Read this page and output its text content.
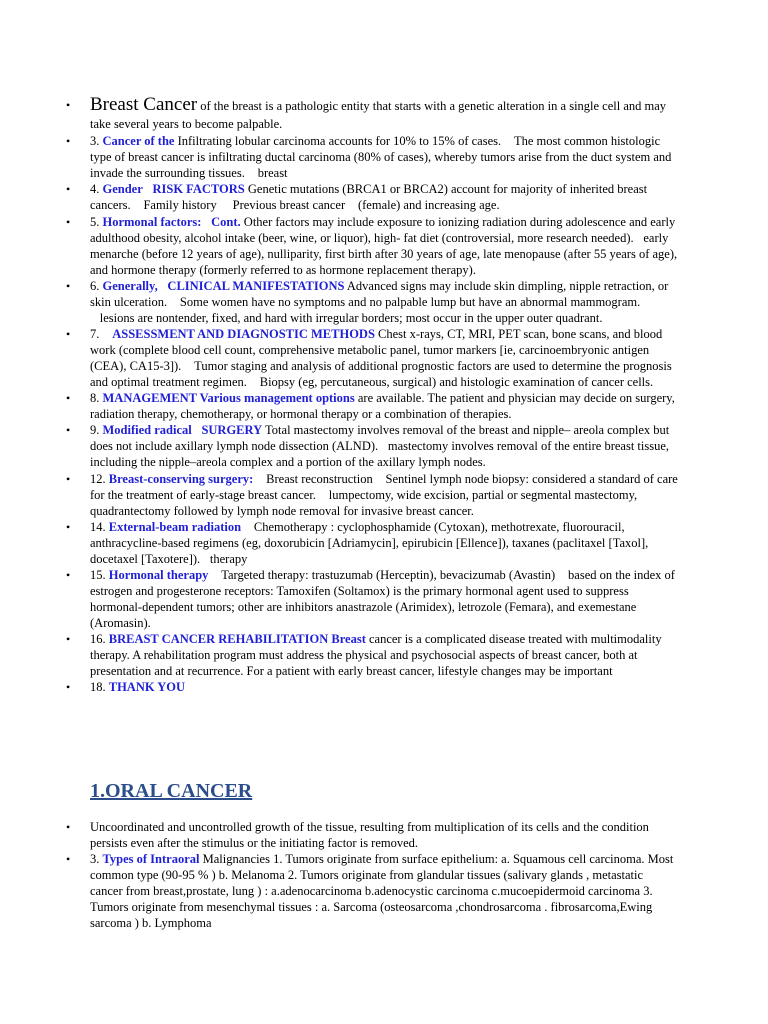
• Breast Cancer of the breast is a pathologic entity that starts with a genetic alteration in a single cell and may take several years to become palpable.
• 3. Cancer of the Infiltrating lobular carcinoma accounts for 10% to 15% of cases. The most common histologic type of breast cancer is infiltrating ductal carcinoma (80% of cases), whereby tumors arise from the duct system and invade the surrounding tissues. breast
• 4. Gender RISK FACTORS Genetic mutations (BRCA1 or BRCA2) account for majority of inherited breast cancers. Family history Previous breast cancer (female) and increasing age.
• 5. Hormonal factors: Cont. Other factors may include exposure to ionizing radiation during adolescence and early adulthood obesity, alcohol intake (beer, wine, or liquor), high- fat diet (controversial, more research needed). early menarche (before 12 years of age), nulliparity, first birth after 30 years of age, late menopause (after 55 years of age), and hormone therapy (formerly referred to as hormone replacement therapy).
• 6. Generally, CLINICAL MANIFESTATIONS Advanced signs may include skin dimpling, nipple retraction, or skin ulceration. Some women have no symptoms and no palpable lump but have an abnormal mammogram. lesions are nontender, fixed, and hard with irregular borders; most occur in the upper outer quadrant.
• 7. ASSESSMENT AND DIAGNOSTIC METHODS Chest x-rays, CT, MRI, PET scan, bone scans, and blood work (complete blood cell count, comprehensive metabolic panel, tumor markers [ie, carcinoembryonic antigen (CEA), CA15-3]). Tumor staging and analysis of additional prognostic factors are used to determine the prognosis and optimal treatment regimen. Biopsy (eg, percutaneous, surgical) and histologic examination of cancer cells.
• 8. MANAGEMENT Various management options are available. The patient and physician may decide on surgery, radiation therapy, chemotherapy, or hormonal therapy or a combination of therapies.
• 9. Modified radical SURGERY Total mastectomy involves removal of the breast and nipple– areola complex but does not include axillary lymph node dissection (ALND). mastectomy involves removal of the entire breast tissue, including the nipple–areola complex and a portion of the axillary lymph nodes.
• 12. Breast-conserving surgery: Breast reconstruction Sentinel lymph node biopsy: considered a standard of care for the treatment of early-stage breast cancer. lumpectomy, wide excision, partial or segmental mastectomy, quadrantectomy followed by lymph node removal for invasive breast cancer.
• 14. External-beam radiation Chemotherapy : cyclophosphamide (Cytoxan), methotrexate, fluorouracil, anthracycline-based regimens (eg, doxorubicin [Adriamycin], epirubicin [Ellence]), taxanes (paclitaxel [Taxol], docetaxel [Taxotere]). therapy
• 15. Hormonal therapy Targeted therapy: trastuzumab (Herceptin), bevacizumab (Avastin) based on the index of estrogen and progesterone receptors: Tamoxifen (Soltamox) is the primary hormonal agent used to suppress hormonal-dependent tumors; other are inhibitors anastrazole (Arimidex), letrozole (Femara), and exemestane (Aromasin).
• 16. BREAST CANCER REHABILITATION Breast cancer is a complicated disease treated with multimodality therapy. A rehabilitation program must address the physical and psychosocial aspects of breast cancer, both at presentation and at recurrence. For a patient with early breast cancer, lifestyle changes may be important
• 18. THANK YOU
1.ORAL CANCER
• Uncoordinated and uncontrolled growth of the tissue, resulting from multiplication of its cells and the condition persists even after the stimulus or the initiating factor is removed.
• 3. Types of Intraoral Malignancies 1. Tumors originate from surface epithelium: a. Squamous cell carcinoma. Most common type (90-95 % ) b. Melanoma 2. Tumors originate from glandular tissues (salivary glands , metastatic cancer from breast,prostate, lung ) : a.adenocarcinoma b.adenocystic carcinoma c.mucoepidermoid carcinoma 3. Tumors originate from mesenchymal tissues : a. Sarcoma (osteosarcoma ,chondrosarcoma . fibrosarcoma,Ewing sarcoma ) b. Lymphoma
